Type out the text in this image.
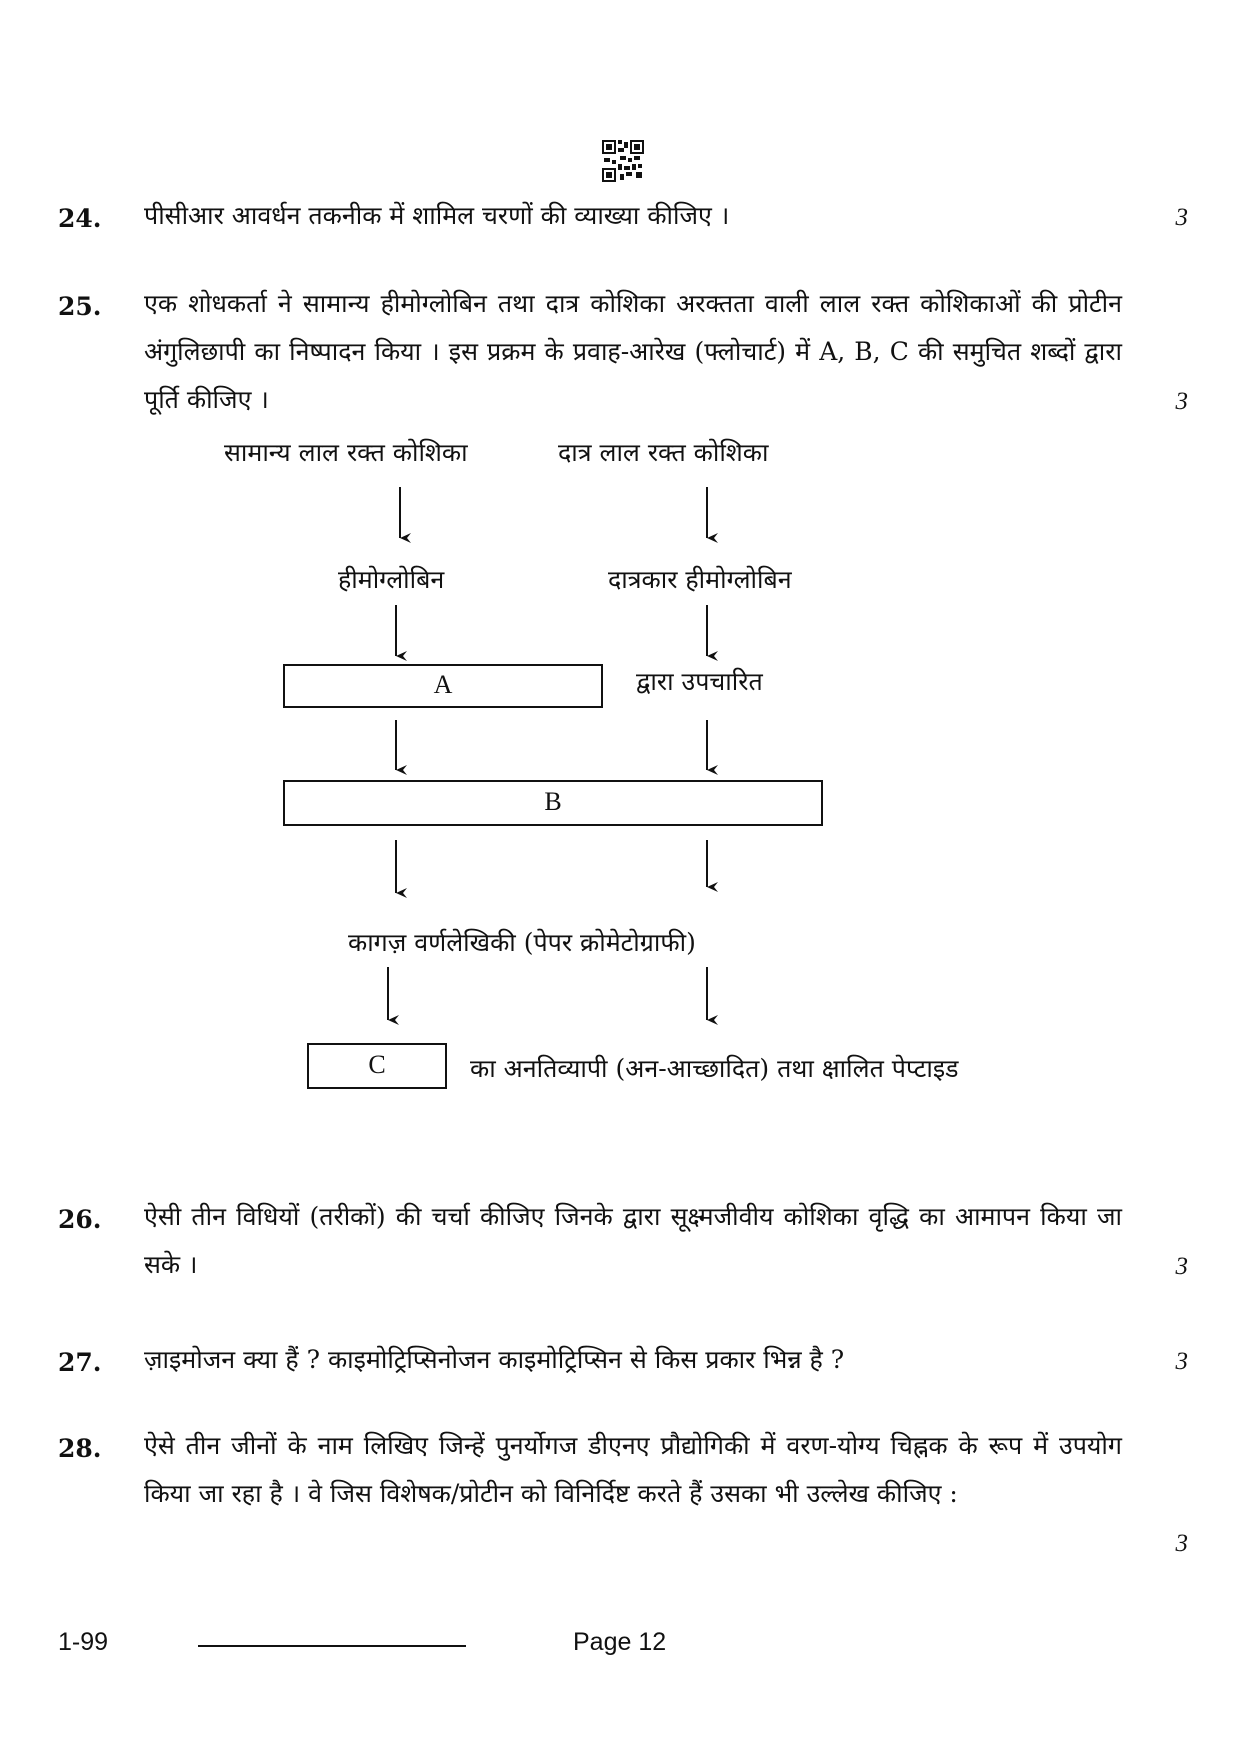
24. पीसीआर आवर्धन तकनीक में शामिल चरणों की व्याख्या कीजिए ।	3
25. एक शोधकर्ता ने सामान्य हीमोग्लोबिन तथा दात्र कोशिका अरक्तता वाली लाल रक्त कोशिकाओं की प्रोटीन अंगुलिछापी का निष्पादन किया । इस प्रक्रम के प्रवाह-आरेख (फ्लोचार्ट) में A, B, C की समुचित शब्दों द्वारा पूर्ति कीजिए ।	3
सामान्य लाल रक्त कोशिका	दात्र लाल रक्त कोशिका
हीमोग्लोबिन	दात्रकार हीमोग्लोबिन
A	द्वारा उपचारित
B
कागज़ वर्णलेखिकी (पेपर क्रोमेटोग्राफी)
C	का अनतिव्यापी (अन-आच्छादित) तथा क्षालित पेप्टाइड
26. ऐसी तीन विधियों (तरीकों) की चर्चा कीजिए जिनके द्वारा सूक्ष्मजीवीय कोशिका वृद्धि का आमापन किया जा सके ।	3
27. ज़ाइमोजन क्या हैं ? काइमोट्रिप्सिनोजन काइमोट्रिप्सिन से किस प्रकार भिन्न है ?	3
28. ऐसे तीन जीनों के नाम लिखिए जिन्हें पुनर्योगज डीएनए प्रौद्योगिकी में वरण-योग्य चिह्नक के रूप में उपयोग किया जा रहा है । वे जिस विशेषक/प्रोटीन को विनिर्दिष्ट करते हैं उसका भी उल्लेख कीजिए :
3
1-99	Page 12
